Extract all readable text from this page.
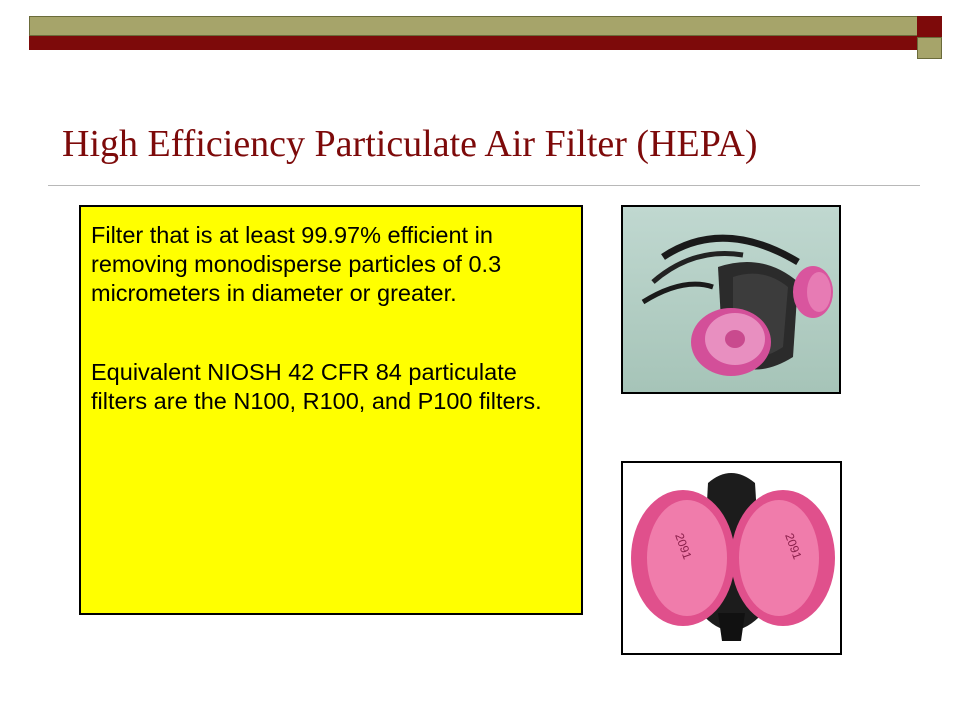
High Efficiency Particulate Air Filter (HEPA)

Filter that is at least 99.97% efficient in removing monodisperse particles of 0.3 micrometers in diameter or greater.

Equivalent NIOSH 42 CFR 84 particulate filters are the N100, R100, and P100 filters.

2091	2091
